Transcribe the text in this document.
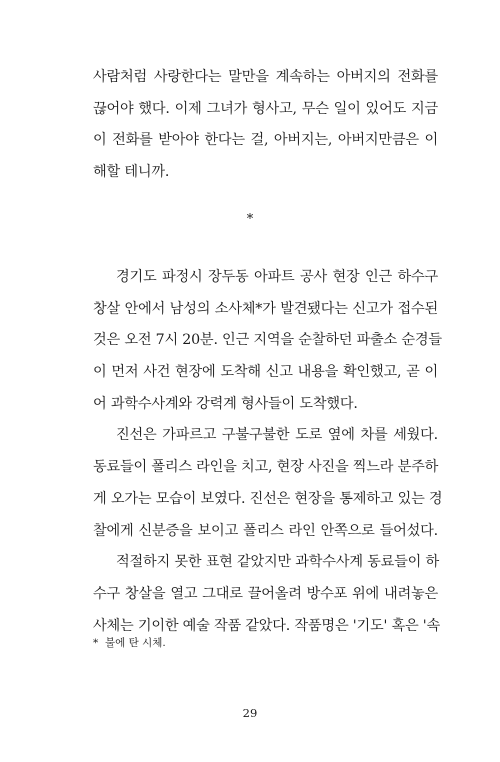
사람처럼 사랑한다는 말만을 계속하는 아버지의 전화를
끊어야 했다. 이제 그녀가 형사고, 무슨 일이 있어도 지금
이 전화를 받아야 한다는 걸, 아버지는, 아버지만큼은 이
해할 테니까.
*
경기도 파정시 장두동 아파트 공사 현장 인근 하수구
창살 안에서 남성의 소사체*가 발견됐다는 신고가 접수된
것은 오전 7시 20분. 인근 지역을 순찰하던 파출소 순경들
이 먼저 사건 현장에 도착해 신고 내용을 확인했고, 곧 이
어 과학수사계와 강력계 형사들이 도착했다.
진선은 가파르고 구불구불한 도로 옆에 차를 세웠다.
동료들이 폴리스 라인을 치고, 현장 사진을 찍느라 분주하
게 오가는 모습이 보였다. 진선은 현장을 통제하고 있는 경
찰에게 신분증을 보이고 폴리스 라인 안쪽으로 들어섰다.
적절하지 못한 표현 같았지만 과학수사계 동료들이 하
수구 창살을 열고 그대로 끌어올려 방수포 위에 내려놓은
사체는 기이한 예술 작품 같았다. 작품명은 '기도' 혹은 '속
* 불에 탄 시체.
29
